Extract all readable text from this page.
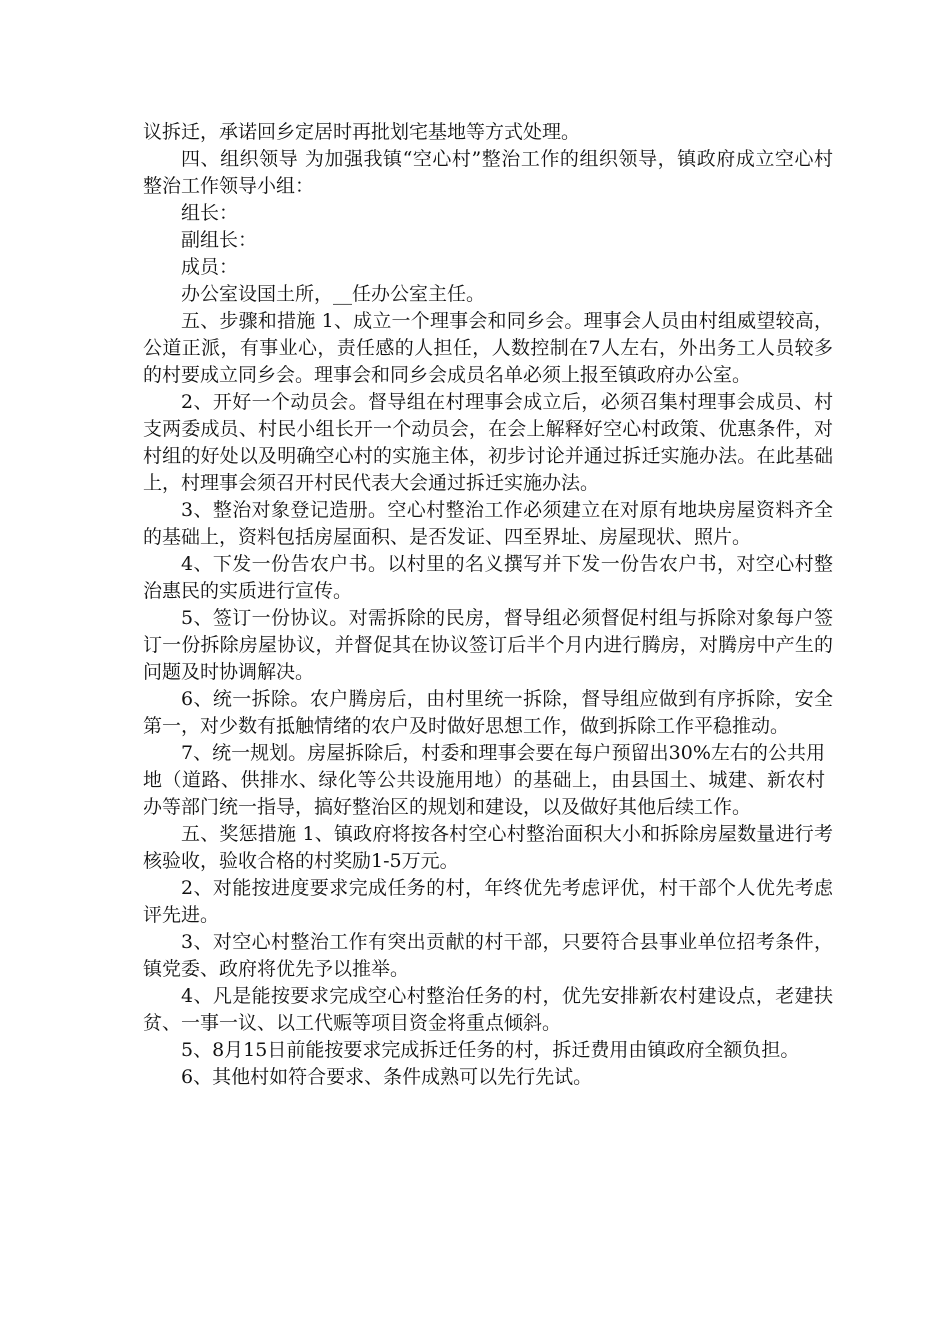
议拆迁，承诺回乡定居时再批划宅基地等方式处理。

四、组织领导 为加强我镇“空心村”整治工作的组织领导，镇政府成立空心村整治工作领导小组：

组长：

副组长：

成员：

办公室设国土所，__任办公室主任。

五、步骤和措施 1、成立一个理事会和同乡会。理事会人员由村组威望较高，公道正派，有事业心，责任感的人担任，人数控制在7人左右，外出务工人员较多的村要成立同乡会。理事会和同乡会成员名单必须上报至镇政府办公室。

2、开好一个动员会。督导组在村理事会成立后，必须召集村理事会成员、村支两委成员、村民小组长开一个动员会，在会上解释好空心村政策、优惠条件，对村组的好处以及明确空心村的实施主体，初步讨论并通过拆迁实施办法。在此基础上，村理事会须召开村民代表大会通过拆迁实施办法。

3、整治对象登记造册。空心村整治工作必须建立在对原有地块房屋资料齐全的基础上，资料包括房屋面积、是否发证、四至界址、房屋现状、照片。

4、下发一份告农户书。以村里的名义撰写并下发一份告农户书，对空心村整治惠民的实质进行宣传。

5、签订一份协议。对需拆除的民房，督导组必须督促村组与拆除对象每户签订一份拆除房屋协议，并督促其在协议签订后半个月内进行腾房，对腾房中产生的问题及时协调解决。

6、统一拆除。农户腾房后，由村里统一拆除，督导组应做到有序拆除，安全第一，对少数有抵触情绪的农户及时做好思想工作，做到拆除工作平稳推动。

7、统一规划。房屋拆除后，村委和理事会要在每户预留出30%左右的公共用地（道路、供排水、绿化等公共设施用地）的基础上，由县国土、城建、新农村办等部门统一指导，搞好整治区的规划和建设，以及做好其他后续工作。

五、奖惩措施 1、镇政府将按各村空心村整治面积大小和拆除房屋数量进行考核验收，验收合格的村奖励1-5万元。

2、对能按进度要求完成任务的村，年终优先考虑评优，村干部个人优先考虑评先进。

3、对空心村整治工作有突出贡献的村干部，只要符合县事业单位招考条件，镇党委、政府将优先予以推举。

4、凡是能按要求完成空心村整治任务的村，优先安排新农村建设点，老建扶贫、一事一议、以工代赈等项目资金将重点倾斜。

5、8月15日前能按要求完成拆迁任务的村，拆迁费用由镇政府全额负担。

6、其他村如符合要求、条件成熟可以先行先试。
